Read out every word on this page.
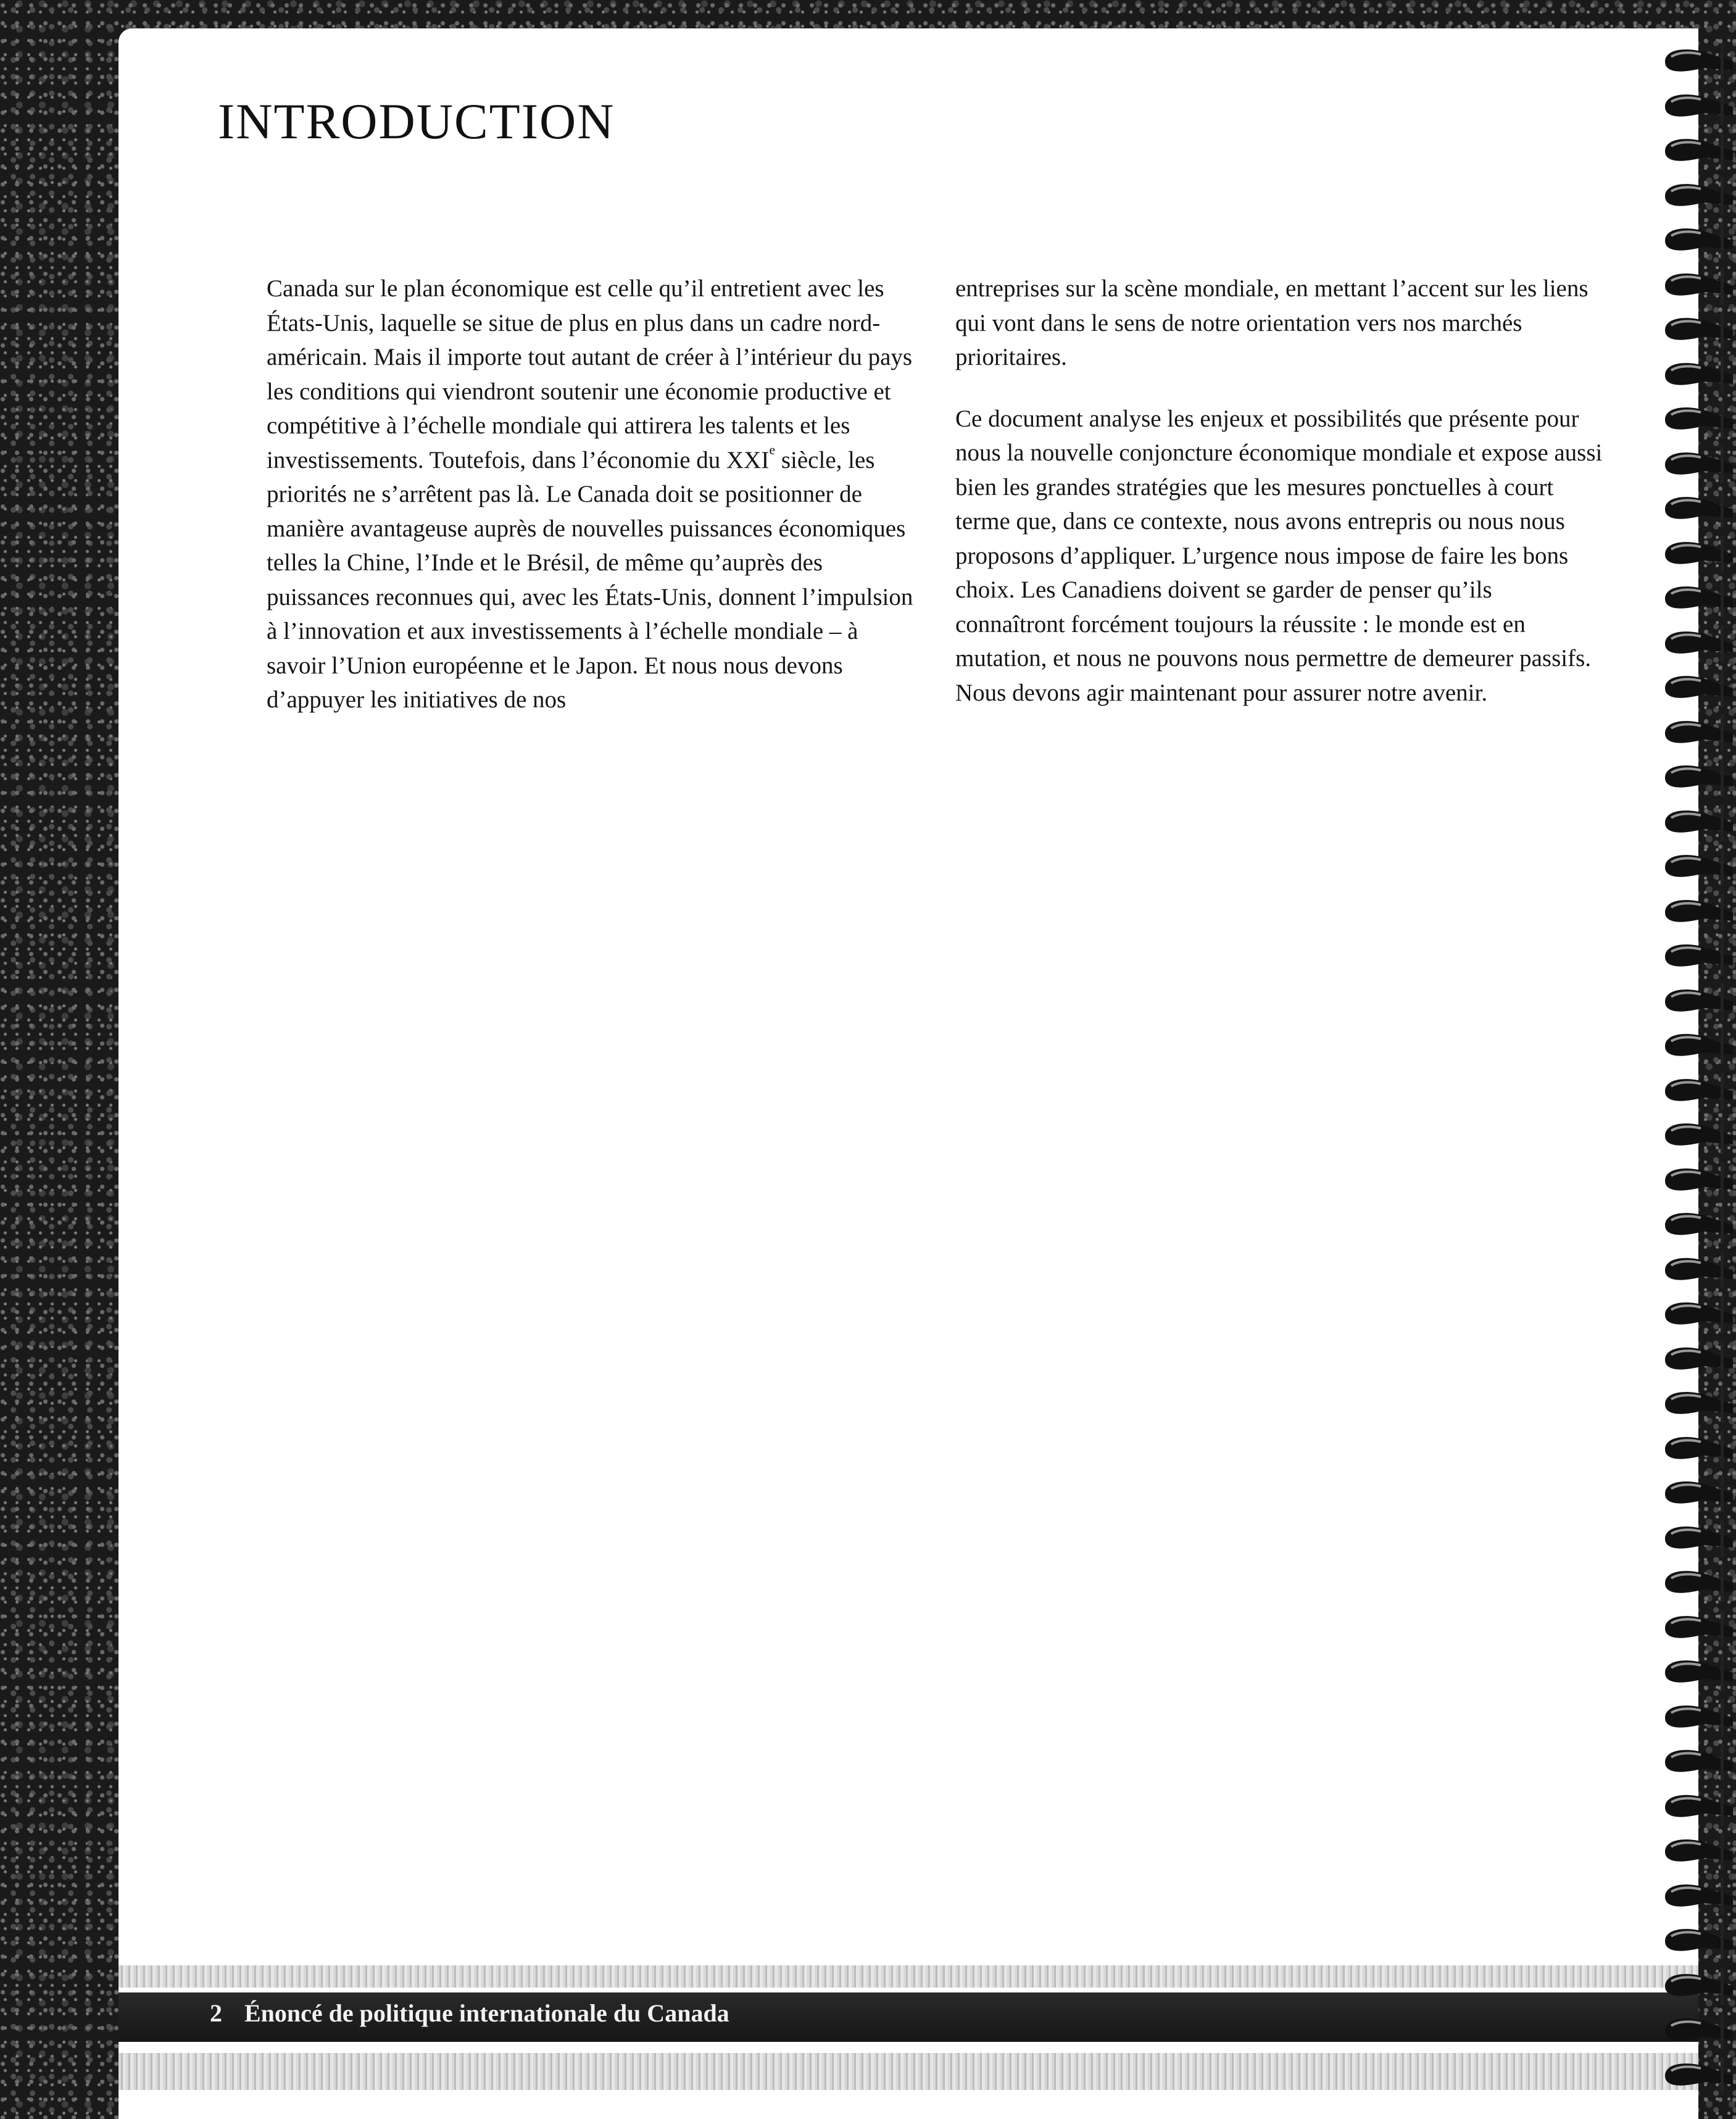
INTRODUCTION

Canada sur le plan économique est celle qu’il entretient avec les États-Unis, laquelle se situe de plus en plus dans un cadre nord-américain. Mais il importe tout autant de créer à l’intérieur du pays les conditions qui viendront soutenir une économie productive et compétitive à l’échelle mondiale qui attirera les talents et les investissements. Toutefois, dans l’économie du XXIe siècle, les priorités ne s’arrêtent pas là. Le Canada doit se positionner de manière avantageuse auprès de nouvelles puissances économiques telles la Chine, l’Inde et le Brésil, de même qu’auprès des puissances reconnues qui, avec les États-Unis, donnent l’impulsion à l’innovation et aux investissements à l’échelle mondiale – à savoir l’Union européenne et le Japon. Et nous nous devons d’appuyer les initiatives de nos

entreprises sur la scène mondiale, en mettant l’accent sur les liens qui vont dans le sens de notre orientation vers nos marchés prioritaires.

Ce document analyse les enjeux et possibilités que présente pour nous la nouvelle conjoncture économique mondiale et expose aussi bien les grandes stratégies que les mesures ponctuelles à court terme que, dans ce contexte, nous avons entrepris ou nous nous proposons d’appliquer. L’urgence nous impose de faire les bons choix. Les Canadiens doivent se garder de penser qu’ils connaîtront forcément toujours la réussite : le monde est en mutation, et nous ne pouvons nous permettre de demeurer passifs. Nous devons agir maintenant pour assurer notre avenir.

2 Énoncé de politique internationale du Canada
